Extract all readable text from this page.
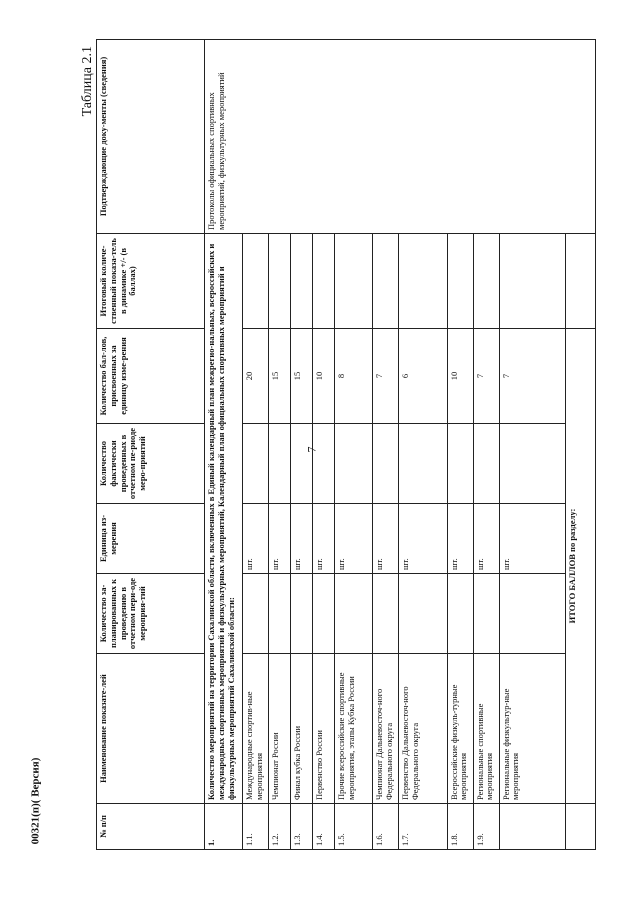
7
00321(п)( Версия)
Таблица 2.1
№ п/п	Наименование показате-лей	Количество за-планированных к проведению в отчетном пери-оде мероприя-тий	Единица из-мерения	Количество фактически проведенных в отчетном пе-риоде меро-приятий	Количество бал-лов, присвоенных за единицу изме-рения	Итоговый количе-ственный показа-тель в динамике +/- (в баллах)	Подтверждающие доку-менты (сведения)
1.	Количество мероприятий на территории Сахалинской области, включенных в Единый календарный план межрегио-нальных, всероссийских и международных спортивных мероприятий и физкультурных мероприятий, Календарный план официальных спортивных мероприятий и физкультурных мероприятий Сахалинской области:						Протоколы официальных спортивных мероприятий, физкультурных мероприятий
1.1.	Международные спортив-ные мероприятия		шт.		20		
1.2.	Чемпионат России		шт.		15		
1.3.	Финал кубка России		шт.		15		
1.4.	Первенство России		шт.		10		
1.5.	Прочие всероссийские спортивные мероприятия, этапы Кубка России		шт.		8		
1.6.	Чемпионат Дальневосточ-ного Федерального округа		шт.		7		
1.7.	Первенство Дальневосточ-ного Федерального округа		шт.		6		
1.8.	Всероссийские физкуль-турные мероприятия		шт.		10		
1.9.	Региональные спортивные мероприятия		шт.		7		
	Региональные физкультур-ные мероприятия		шт.		7		
	ИТОГО БАЛЛОВ по разделу:						
